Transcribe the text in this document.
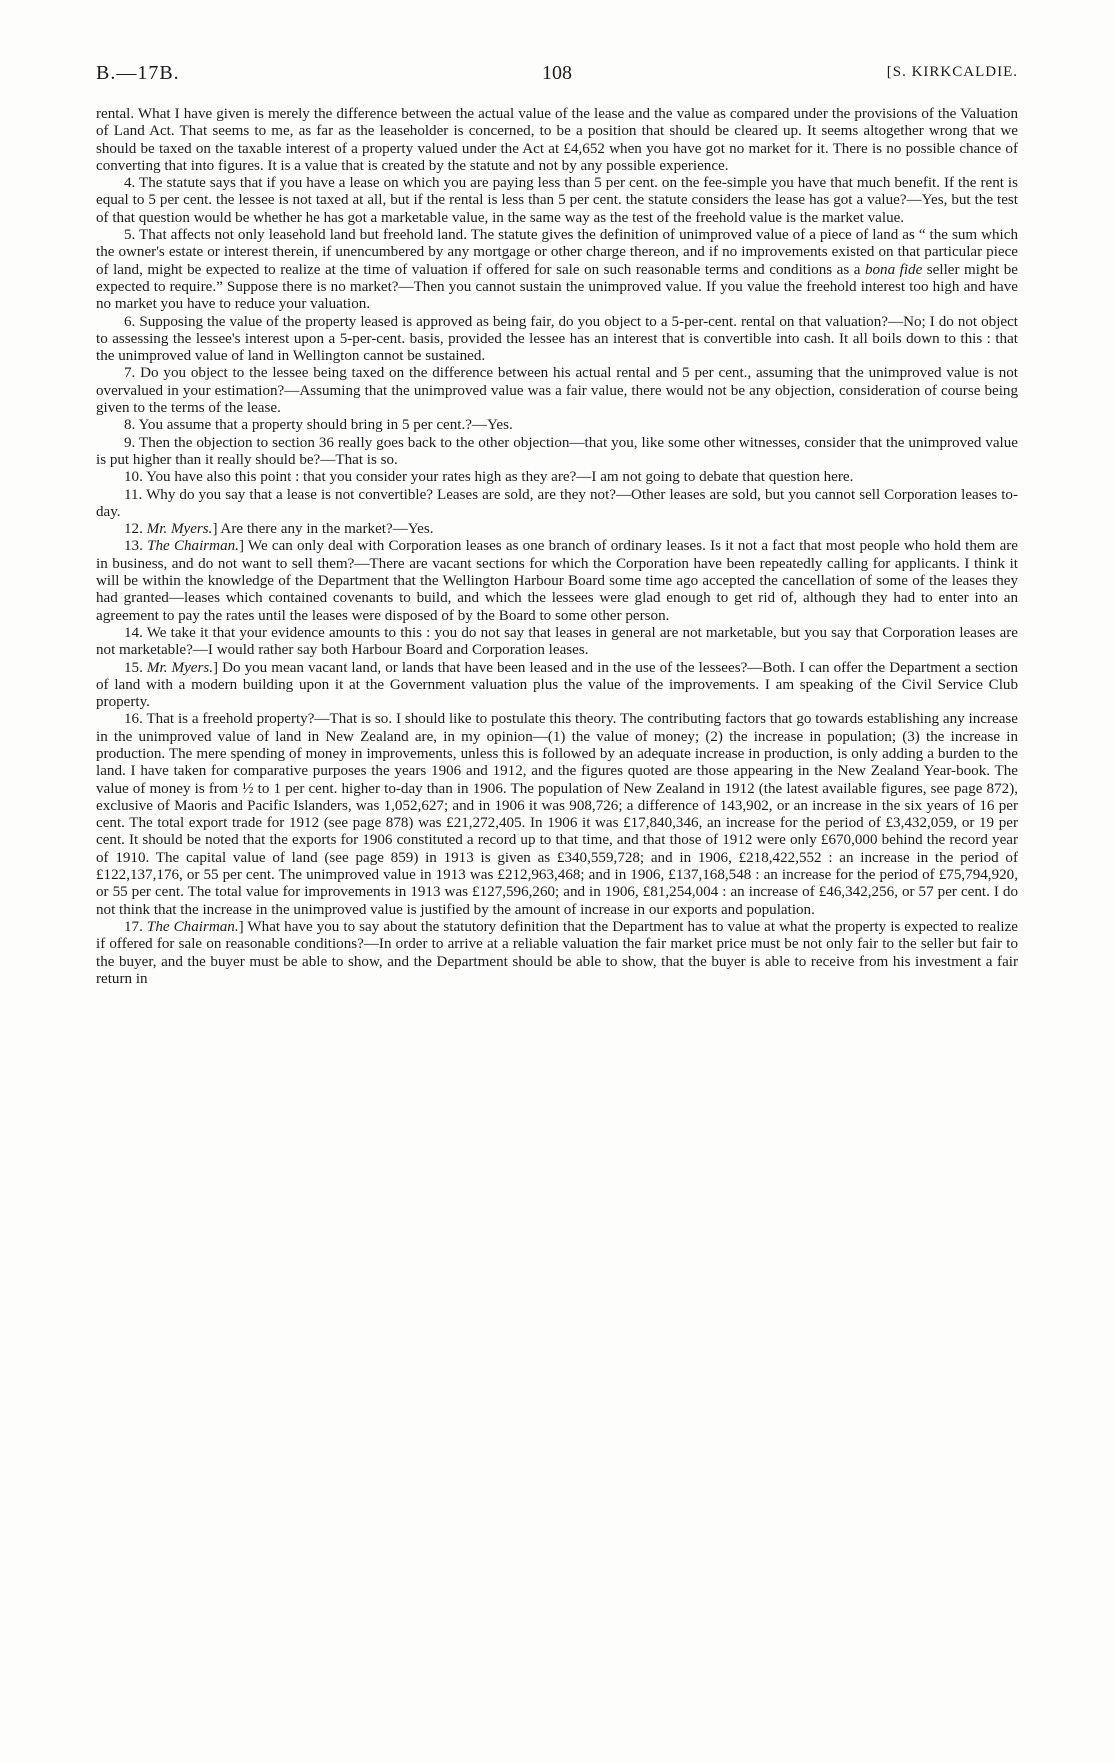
B.—17B.	108	[S. KIRKCALDIE.

rental. What I have given is merely the difference between the actual value of the lease and the value as compared under the provisions of the Valuation of Land Act. That seems to me, as far as the leaseholder is concerned, to be a position that should be cleared up. It seems altogether wrong that we should be taxed on the taxable interest of a property valued under the Act at £4,652 when you have got no market for it. There is no possible chance of converting that into figures. It is a value that is created by the statute and not by any possible experience.

4. The statute says that if you have a lease on which you are paying less than 5 per cent. on the fee-simple you have that much benefit. If the rent is equal to 5 per cent. the lessee is not taxed at all, but if the rental is less than 5 per cent. the statute considers the lease has got a value?—Yes, but the test of that question would be whether he has got a marketable value, in the same way as the test of the freehold value is the market value.

5. That affects not only leasehold land but freehold land. The statute gives the definition of unimproved value of a piece of land as “ the sum which the owner's estate or interest therein, if unencumbered by any mortgage or other charge thereon, and if no improvements existed on that particular piece of land, might be expected to realize at the time of valuation if offered for sale on such reasonable terms and conditions as a bona fide seller might be expected to require.” Suppose there is no market?—Then you cannot sustain the unimproved value. If you value the freehold interest too high and have no market you have to reduce your valuation.

6. Supposing the value of the property leased is approved as being fair, do you object to a 5-per-cent. rental on that valuation?—No; I do not object to assessing the lessee's interest upon a 5-per-cent. basis, provided the lessee has an interest that is convertible into cash. It all boils down to this : that the unimproved value of land in Wellington cannot be sustained.

7. Do you object to the lessee being taxed on the difference between his actual rental and 5 per cent., assuming that the unimproved value is not overvalued in your estimation?—Assuming that the unimproved value was a fair value, there would not be any objection, consideration of course being given to the terms of the lease.

8. You assume that a property should bring in 5 per cent.?—Yes.

9. Then the objection to section 36 really goes back to the other objection—that you, like some other witnesses, consider that the unimproved value is put higher than it really should be?—That is so.

10. You have also this point : that you consider your rates high as they are?—I am not going to debate that question here.

11. Why do you say that a lease is not convertible? Leases are sold, are they not?—Other leases are sold, but you cannot sell Corporation leases to-day.

12. Mr. Myers.] Are there any in the market?—Yes.

13. The Chairman.] We can only deal with Corporation leases as one branch of ordinary leases. Is it not a fact that most people who hold them are in business, and do not want to sell them?—There are vacant sections for which the Corporation have been repeatedly calling for applicants. I think it will be within the knowledge of the Department that the Wellington Harbour Board some time ago accepted the cancellation of some of the leases they had granted—leases which contained covenants to build, and which the lessees were glad enough to get rid of, although they had to enter into an agreement to pay the rates until the leases were disposed of by the Board to some other person.

14. We take it that your evidence amounts to this : you do not say that leases in general are not marketable, but you say that Corporation leases are not marketable?—I would rather say both Harbour Board and Corporation leases.

15. Mr. Myers.] Do you mean vacant land, or lands that have been leased and in the use of the lessees?—Both. I can offer the Department a section of land with a modern building upon it at the Government valuation plus the value of the improvements. I am speaking of the Civil Service Club property.

16. That is a freehold property?—That is so. I should like to postulate this theory. The contributing factors that go towards establishing any increase in the unimproved value of land in New Zealand are, in my opinion—(1) the value of money; (2) the increase in population; (3) the increase in production. The mere spending of money in improvements, unless this is followed by an adequate increase in production, is only adding a burden to the land. I have taken for comparative purposes the years 1906 and 1912, and the figures quoted are those appearing in the New Zealand Year-book. The value of money is from ½ to 1 per cent. higher to-day than in 1906. The population of New Zealand in 1912 (the latest available figures, see page 872), exclusive of Maoris and Pacific Islanders, was 1,052,627; and in 1906 it was 908,726; a difference of 143,902, or an increase in the six years of 16 per cent. The total export trade for 1912 (see page 878) was £21,272,405. In 1906 it was £17,840,346, an increase for the period of £3,432,059, or 19 per cent. It should be noted that the exports for 1906 constituted a record up to that time, and that those of 1912 were only £670,000 behind the record year of 1910. The capital value of land (see page 859) in 1913 is given as £340,559,728; and in 1906, £218,422,552 : an increase in the period of £122,137,176, or 55 per cent. The unimproved value in 1913 was £212,963,468; and in 1906, £137,168,548 : an increase for the period of £75,794,920, or 55 per cent. The total value for improvements in 1913 was £127,596,260; and in 1906, £81,254,004 : an increase of £46,342,256, or 57 per cent. I do not think that the increase in the unimproved value is justified by the amount of increase in our exports and population.

17. The Chairman.] What have you to say about the statutory definition that the Department has to value at what the property is expected to realize if offered for sale on reasonable conditions?—In order to arrive at a reliable valuation the fair market price must be not only fair to the seller but fair to the buyer, and the buyer must be able to show, and the Department should be able to show, that the buyer is able to receive from his investment a fair return in
